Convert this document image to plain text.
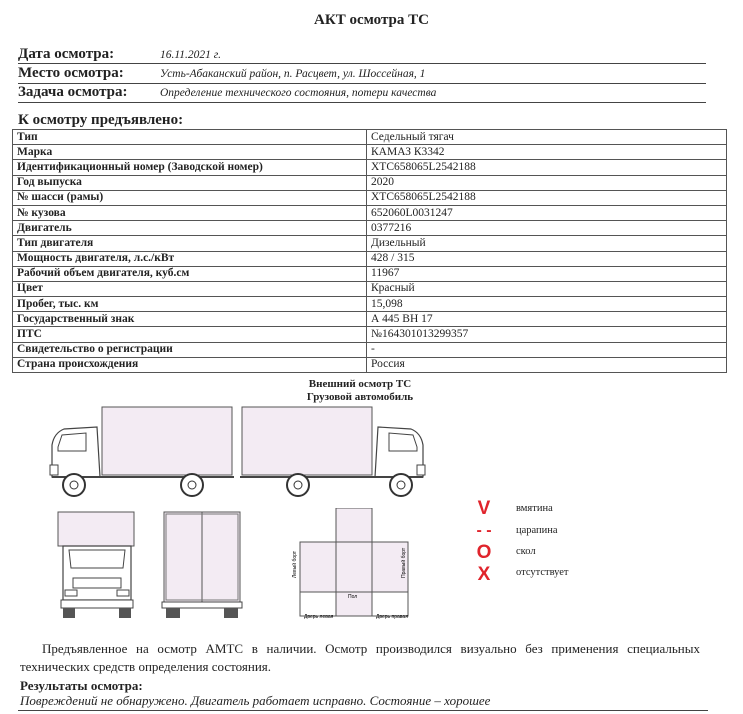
АКТ осмотра ТС
Дата осмотра:	16.11.2021 г.
Место осмотра:	Усть-Абаканский район, п. Расцвет, ул. Шоссейная, 1
Задача осмотра:	Определение технического состояния, потери качества
К осмотру предъявлено:
Тип	Седельный тягач
Марка	КАМАЗ К3342
Идентификационный номер (Заводской номер)	XTC658065L2542188
Год выпуска	2020
№ шасси (рамы)	XTC658065L2542188
№ кузова	652060L0031247
Двигатель	0377216
Тип двигателя	Дизельный
Мощность двигателя, л.с./кВт	428 / 315
Рабочий объем двигателя, куб.см	11967
Цвет	Красный
Пробег, тыс. км	15,098
Государственный знак	А 445 ВН 17
ПТС	№164301013299357
Свидетельство о регистрации	-
Страна происхождения	Россия
Внешний осмотр ТС
Грузовой автомобиль
Левый борт	Правый борт
Пол
Дверь левая	Дверь правая
V	вмятина
- -	царапина
O	скол
X	отсутствует
Предъявленное на осмотр АМТС в наличии. Осмотр производился визуально без применения специальных технических средств определения состояния.
Результаты осмотра:
Повреждений не обнаружено. Двигатель работает исправно. Состояние – хорошее
